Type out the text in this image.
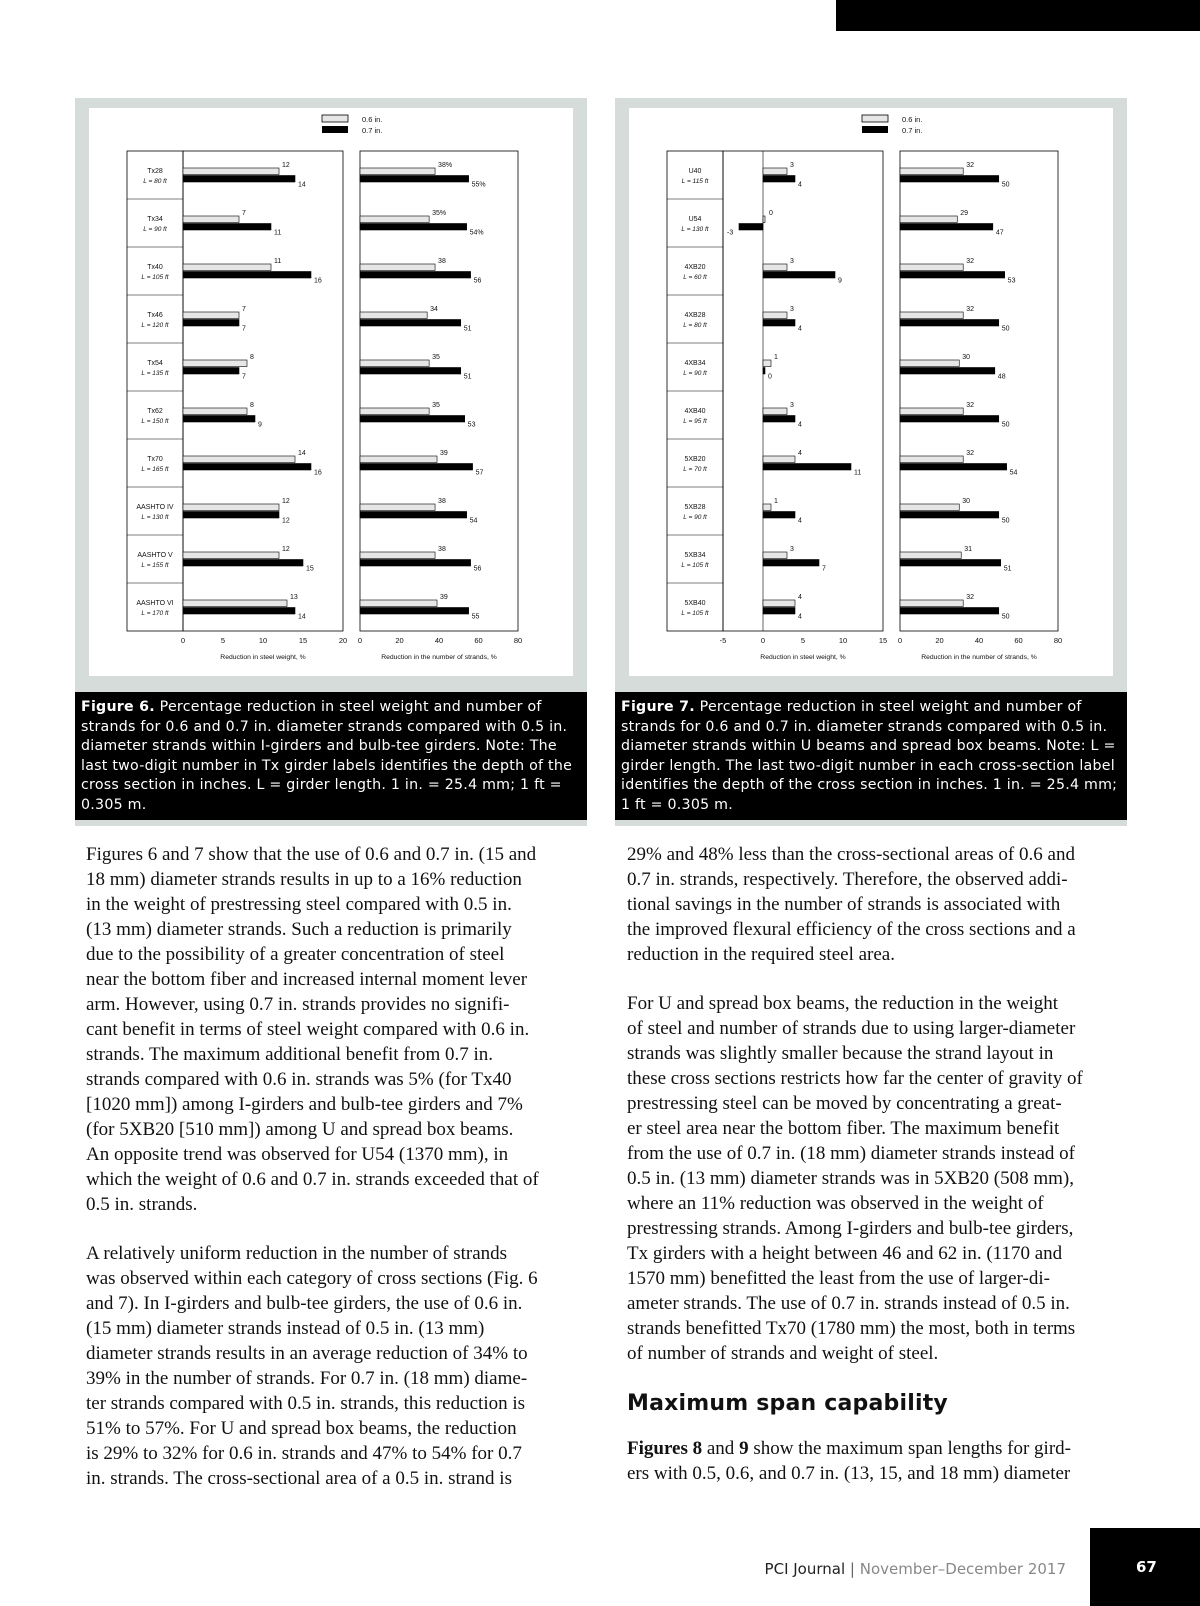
0.6 in.
0.7 in.
Tx28
L = 80 ft
Tx34
L = 90 ft
Tx40
L = 105 ft
Tx46
L = 120 ft
Tx54
L = 135 ft
Tx62
L = 150 ft
Tx70
L = 165 ft
AASHTO IV
L = 130 ft
AASHTO V
L = 155 ft
AASHTO VI
L = 170 ft
0	5	10	15	20
Reduction in steel weight, %
12
14
7
11
11
16
7
7
8
7
8
9
14
16
12
12
12
15
13
14
0	20	40	60	80
Reduction in the number of strands, %
38%
55%
35%
54%
38
56
34
51
35
51
35
53
39
57
38
54
38
56
39
55
Figure 6. Percentage reduction in steel weight and number of strands for 0.6 and 0.7 in. diameter strands compared with 0.5 in. diameter strands within I-girders and bulb-tee girders. Note: The last two-digit number in Tx girder labels identifies the depth of the cross section in inches. L = girder length. 1 in. = 25.4 mm; 1 ft = 0.305 m.
0.6 in.
0.7 in.
U40
L = 115 ft
U54
L = 130 ft
4XB20
L = 60 ft
4XB28
L = 80 ft
4XB34
L = 90 ft
4XB40
L = 95 ft
5XB20
L = 70 ft
5XB28
L = 90 ft
5XB34
L = 105 ft
5XB40
L = 105 ft
-5	0	5	10	15
Reduction in steel weight, %
3
4
0
-3
3
9
3
4
1
0
3
4
4
11
1
4
3
7
4
4
0	20	40	60	80
Reduction in the number of strands, %
32
50
29
47
32
53
32
50
30
48
32
50
32
54
30
50
31
51
32
50
Figure 7. Percentage reduction in steel weight and number of strands for 0.6 and 0.7 in. diameter strands compared with 0.5 in. diameter strands within U beams and spread box beams. Note: L = girder length. The last two-digit number in each cross-section label identifies the depth of the cross section in inches. 1 in. = 25.4 mm; 1 ft = 0.305 m.

Figures 6 and 7 show that the use of 0.6 and 0.7 in. (15 and
18 mm) diameter strands results in up to a 16% reduction
in the weight of prestressing steel compared with 0.5 in.
(13 mm) diameter strands. Such a reduction is primarily
due to the possibility of a greater concentration of steel
near the bottom fiber and increased internal moment lever
arm. However, using 0.7 in. strands provides no signifi-
cant benefit in terms of steel weight compared with 0.6 in.
strands. The maximum additional benefit from 0.7 in.
strands compared with 0.6 in. strands was 5% (for Tx40
[1020 mm]) among I-girders and bulb-tee girders and 7%
(for 5XB20 [510 mm]) among U and spread box beams.
An opposite trend was observed for U54 (1370 mm), in
which the weight of 0.6 and 0.7 in. strands exceeded that of
0.5 in. strands.

A relatively uniform reduction in the number of strands
was observed within each category of cross sections (Fig. 6
and 7). In I-girders and bulb-tee girders, the use of 0.6 in.
(15 mm) diameter strands instead of 0.5 in. (13 mm)
diameter strands results in an average reduction of 34% to
39% in the number of strands. For 0.7 in. (18 mm) diame-
ter strands compared with 0.5 in. strands, this reduction is
51% to 57%. For U and spread box beams, the reduction
is 29% to 32% for 0.6 in. strands and 47% to 54% for 0.7
in. strands. The cross-sectional area of a 0.5 in. strand is

29% and 48% less than the cross-sectional areas of 0.6 and
0.7 in. strands, respectively. Therefore, the observed addi-
tional savings in the number of strands is associated with
the improved flexural efficiency of the cross sections and a
reduction in the required steel area.

For U and spread box beams, the reduction in the weight
of steel and number of strands due to using larger-diameter
strands was slightly smaller because the strand layout in
these cross sections restricts how far the center of gravity of
prestressing steel can be moved by concentrating a great-
er steel area near the bottom fiber. The maximum benefit
from the use of 0.7 in. (18 mm) diameter strands instead of
0.5 in. (13 mm) diameter strands was in 5XB20 (508 mm),
where an 11% reduction was observed in the weight of
prestressing strands. Among I-girders and bulb-tee girders,
Tx girders with a height between 46 and 62 in. (1170 and
1570 mm) benefitted the least from the use of larger-di-
ameter strands. The use of 0.7 in. strands instead of 0.5 in.
strands benefitted Tx70 (1780 mm) the most, both in terms
of number of strands and weight of steel.

Maximum span capability

Figures 8 and 9 show the maximum span lengths for gird-
ers with 0.5, 0.6, and 0.7 in. (13, 15, and 18 mm) diameter

PCI Journal | November–December 2017	67
